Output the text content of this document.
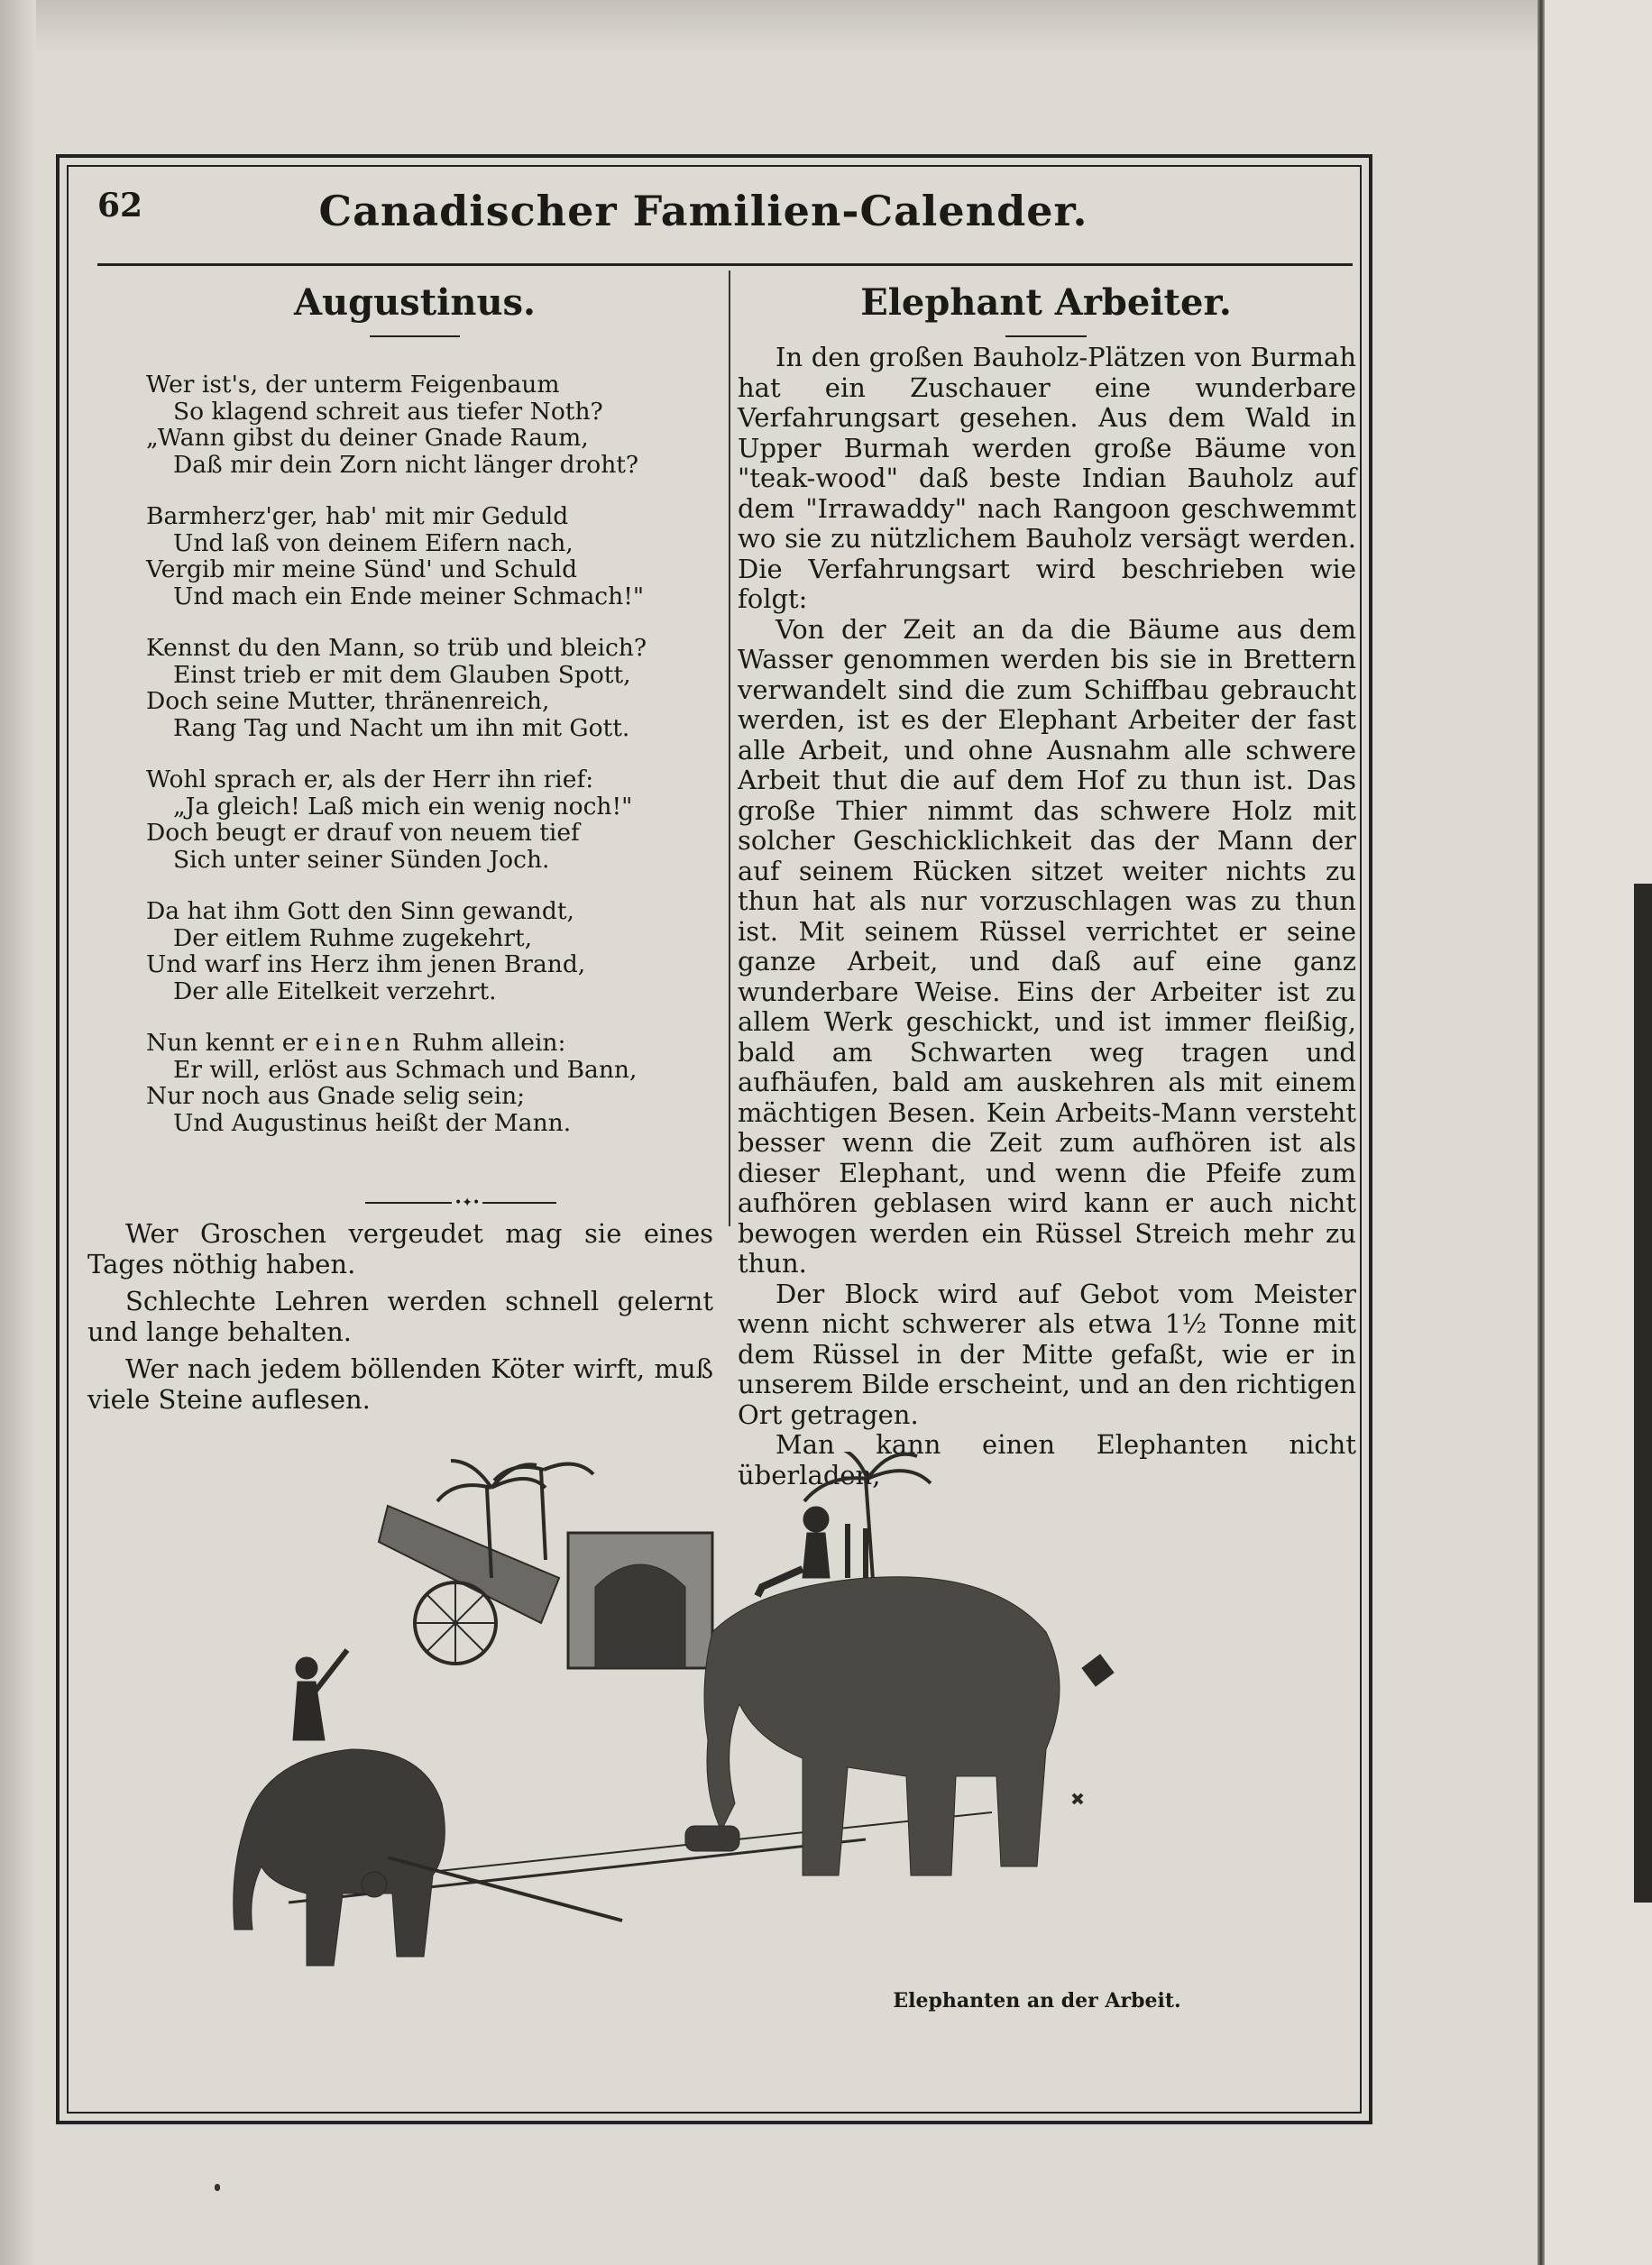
62	Canadischer Familien-Calender.
Augustinus.
Wer ist's, der unterm Feigenbaum
So klagend schreit aus tiefer Noth?
„Wann gibst du deiner Gnade Raum,
Daß mir dein Zorn nicht länger droht?
Barmherz'ger, hab' mit mir Geduld
Und laß von deinem Eifern nach,
Vergib mir meine Sünd' und Schuld
Und mach ein Ende meiner Schmach!"
Kennst du den Mann, so trüb und bleich?
Einst trieb er mit dem Glauben Spott,
Doch seine Mutter, thränenreich,
Rang Tag und Nacht um ihn mit Gott.
Wohl sprach er, als der Herr ihn rief:
„Ja gleich! Laß mich ein wenig noch!"
Doch beugt er drauf von neuem tief
Sich unter seiner Sünden Joch.
Da hat ihm Gott den Sinn gewandt,
Der eitlem Ruhme zugekehrt,
Und warf ins Herz ihm jenen Brand,
Der alle Eitelkeit verzehrt.
Nun kennt er einen Ruhm allein:
Er will, erlöst aus Schmach und Bann,
Nur noch aus Gnade selig sein;
Und Augustinus heißt der Mann.
•✦•

Wer Groschen vergeudet mag sie eines Tages nöthig haben.

Schlechte Lehren werden schnell gelernt und lange behalten.

Wer nach jedem böllenden Köter wirft, muß viele Steine auflesen.

Elephant Arbeiter.

In den großen Bauholz-Plätzen von Burmah hat ein Zuschauer eine wunderbare Verfahrungsart gesehen. Aus dem Wald in Upper Burmah werden große Bäume von "teak-wood" daß beste Indian Bauholz auf dem "Irrawaddy" nach Rangoon geschwemmt wo sie zu nützlichem Bauholz versägt werden. Die Verfahrungsart wird beschrieben wie folgt:

Von der Zeit an da die Bäume aus dem Wasser genommen werden bis sie in Brettern verwandelt sind die zum Schiffbau gebraucht werden, ist es der Elephant Arbeiter der fast alle Arbeit, und ohne Ausnahm alle schwere Arbeit thut die auf dem Hof zu thun ist. Das große Thier nimmt das schwere Holz mit solcher Geschicklichkeit das der Mann der auf seinem Rücken sitzet weiter nichts zu thun hat als nur vorzuschlagen was zu thun ist. Mit seinem Rüssel verrichtet er seine ganze Arbeit, und daß auf eine ganz wunderbare Weise. Eins der Arbeiter ist zu allem Werk geschickt, und ist immer fleißig, bald am Schwarten weg tragen und aufhäufen, bald am auskehren als mit einem mächtigen Besen. Kein Arbeits-Mann versteht besser wenn die Zeit zum aufhören ist als dieser Elephant, und wenn die Pfeife zum aufhören geblasen wird kann er auch nicht bewogen werden ein Rüssel Streich mehr zu thun.

Der Block wird auf Gebot vom Meister wenn nicht schwerer als etwa 1½ Tonne mit dem Rüssel in der Mitte gefaßt, wie er in unserem Bilde erscheint, und an den richtigen Ort getragen.

Man kann einen Elephanten nicht überladen,

Elephanten an der Arbeit.
